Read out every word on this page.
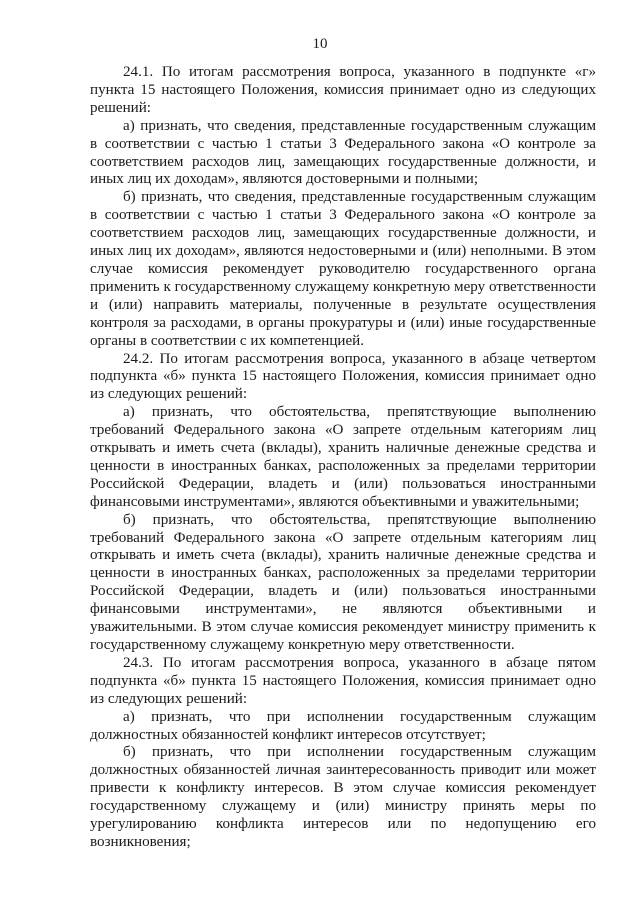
10

24.1. По итогам рассмотрения вопроса, указанного в подпункте «г» пункта 15 настоящего Положения, комиссия принимает одно из следующих решений:

а) признать, что сведения, представленные государственным служащим в соответствии с частью 1 статьи 3 Федерального закона «О контроле за соответствием расходов лиц, замещающих государственные должности, и иных лиц их доходам», являются достоверными и полными;

б) признать, что сведения, представленные государственным служащим в соответствии с частью 1 статьи 3 Федерального закона «О контроле за соответствием расходов лиц, замещающих государственные должности, и иных лиц их доходам», являются недостоверными и (или) неполными. В этом случае комиссия рекомендует руководителю государственного органа применить к государственному служащему конкретную меру ответственности и (или) направить материалы, полученные в результате осуществления контроля за расходами, в органы прокуратуры и (или) иные государственные органы в соответствии с их компетенцией.

24.2. По итогам рассмотрения вопроса, указанного в абзаце четвертом подпункта «б» пункта 15 настоящего Положения, комиссия принимает одно из следующих решений:

а) признать, что обстоятельства, препятствующие выполнению требований Федерального закона «О запрете отдельным категориям лиц открывать и иметь счета (вклады), хранить наличные денежные средства и ценности в иностранных банках, расположенных за пределами территории Российской Федерации, владеть и (или) пользоваться иностранными финансовыми инструментами», являются объективными и уважительными;

б) признать, что обстоятельства, препятствующие выполнению требований Федерального закона «О запрете отдельным категориям лиц открывать и иметь счета (вклады), хранить наличные денежные средства и ценности в иностранных банках, расположенных за пределами территории Российской Федерации, владеть и (или) пользоваться иностранными финансовыми инструментами», не являются объективными и уважительными. В этом случае комиссия рекомендует министру применить к государственному служащему конкретную меру ответственности.

24.3. По итогам рассмотрения вопроса, указанного в абзаце пятом подпункта «б» пункта 15 настоящего Положения, комиссия принимает одно из следующих решений:

а) признать, что при исполнении государственным служащим должностных обязанностей конфликт интересов отсутствует;

б) признать, что при исполнении государственным служащим должностных обязанностей личная заинтересованность приводит или может привести к конфликту интересов. В этом случае комиссия рекомендует государственному служащему и (или) министру принять меры по урегулированию конфликта интересов или по недопущению его возникновения;
